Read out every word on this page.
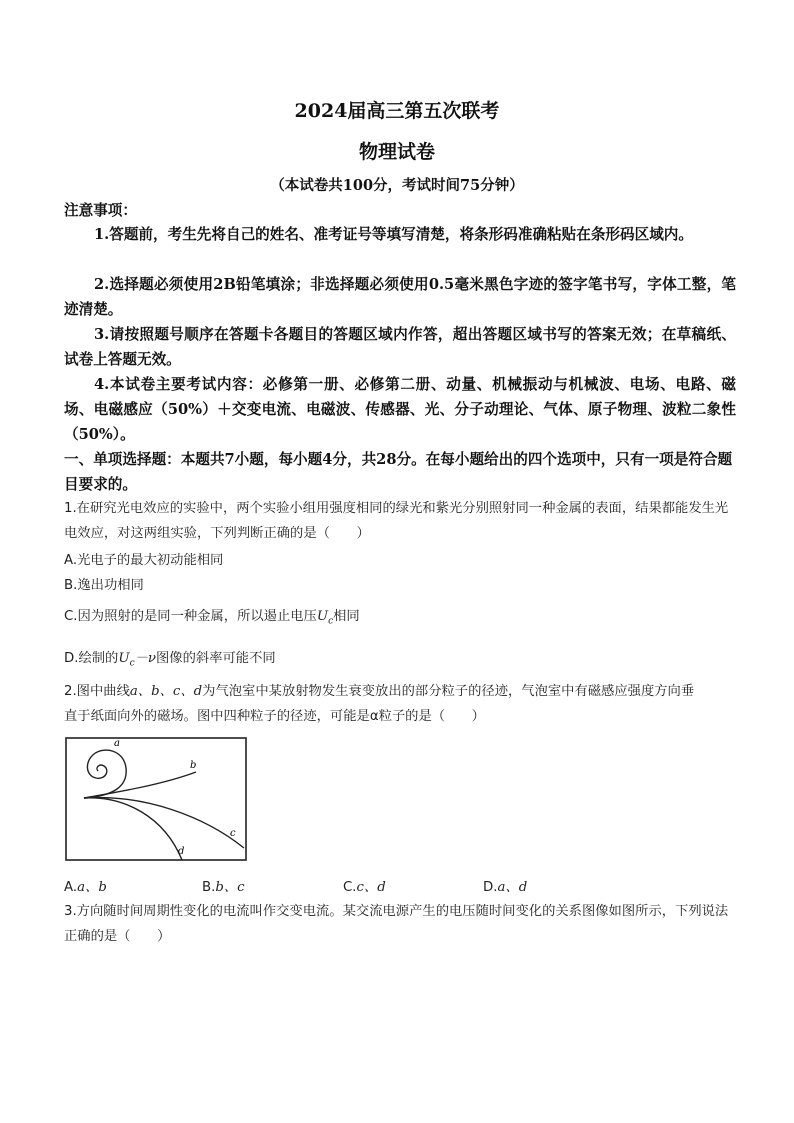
2024届高三第五次联考
物理试卷
（本试卷共100分，考试时间75分钟）
注意事项：
1.答题前，考生先将自己的姓名、准考证号等填写清楚，将条形码准确粘贴在条形码区域内。
2.选择题必须使用2B铅笔填涂；非选择题必须使用0.5毫米黑色字迹的签字笔书写，字体工整，笔迹清楚。
3.请按照题号顺序在答题卡各题目的答题区域内作答，超出答题区域书写的答案无效；在草稿纸、试卷上答题无效。
4.本试卷主要考试内容：必修第一册、必修第二册、动量、机械振动与机械波、电场、电路、磁场、电磁感应（50%）＋交变电流、电磁波、传感器、光、分子动理论、气体、原子物理、波粒二象性（50%）。
一、单项选择题：本题共7小题，每小题4分，共28分。在每小题给出的四个选项中，只有一项是符合题目要求的。
1.在研究光电效应的实验中，两个实验小组用强度相同的绿光和紫光分别照射同一种金属的表面，结果都能发生光电效应，对这两组实验，下列判断正确的是（　　）
A.光电子的最大初动能相同
B.逸出功相同
C.因为照射的是同一种金属，所以遏止电压$U_c$相同
D.绘制的$U_c-\nu$图像的斜率可能不同
2.图中曲线a、b、c、d为气泡室中某放射物发生衰变放出的部分粒子的径迹，气泡室中有磁感应强度方向垂
直于纸面向外的磁场。图中四种粒子的径迹，可能是α粒子的是（　　）
a
b
c
d
A.a、b	B.b、c	C.c、d	D.a、d
3.方向随时间周期性变化的电流叫作交变电流。某交流电源产生的电压随时间变化的关系图像如图所示，下列说法正确的是（　　）
